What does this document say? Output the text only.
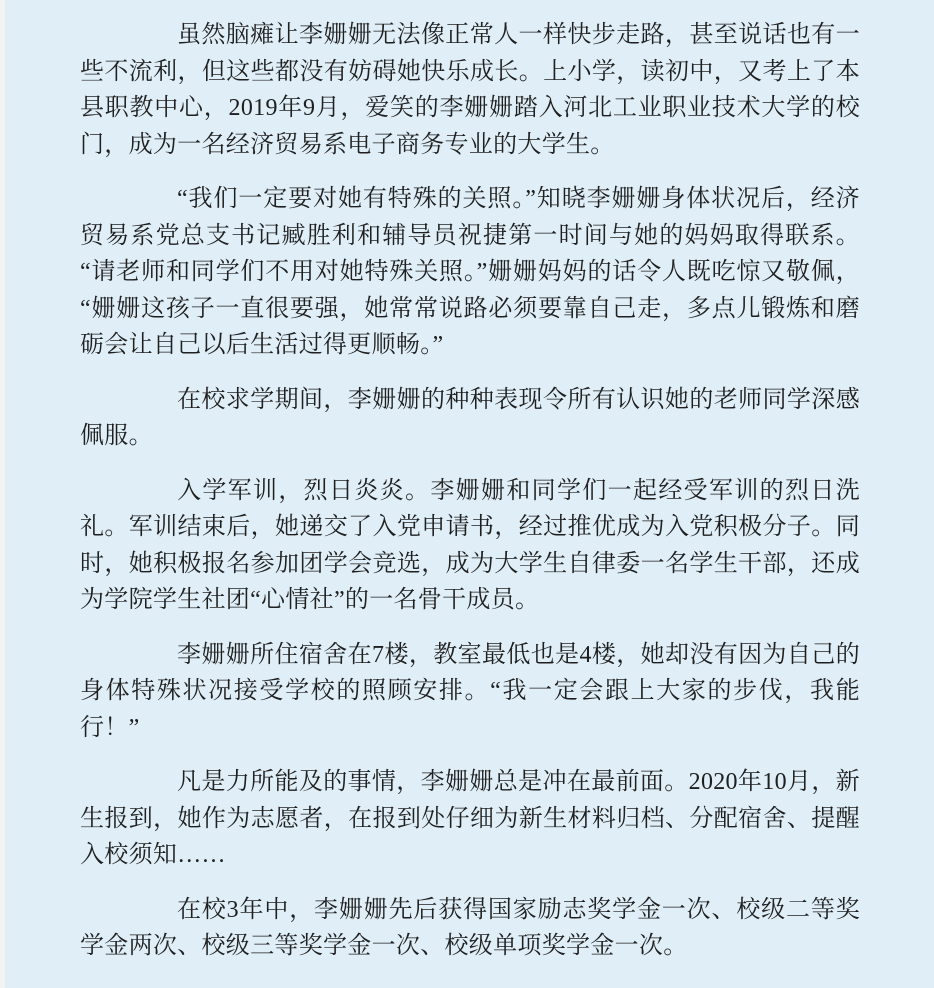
虽然脑瘫让李姗姗无法像正常人一样快步走路，甚至说话也有一些不流利，但这些都没有妨碍她快乐成长。上小学，读初中，又考上了本县职教中心，2019年9月，爱笑的李姗姗踏入河北工业职业技术大学的校门，成为一名经济贸易系电子商务专业的大学生。

“我们一定要对她有特殊的关照。”知晓李姗姗身体状况后，经济贸易系党总支书记臧胜利和辅导员祝捷第一时间与她的妈妈取得联系。“请老师和同学们不用对她特殊关照。”姗姗妈妈的话令人既吃惊又敬佩，“姗姗这孩子一直很要强，她常常说路必须要靠自己走，多点儿锻炼和磨砺会让自己以后生活过得更顺畅。”

在校求学期间，李姗姗的种种表现令所有认识她的老师同学深感佩服。

入学军训，烈日炎炎。李姗姗和同学们一起经受军训的烈日洗礼。军训结束后，她递交了入党申请书，经过推优成为入党积极分子。同时，她积极报名参加团学会竞选，成为大学生自律委一名学生干部，还成为学院学生社团“心情社”的一名骨干成员。

李姗姗所住宿舍在7楼，教室最低也是4楼，她却没有因为自己的身体特殊状况接受学校的照顾安排。“我一定会跟上大家的步伐，我能行！”

凡是力所能及的事情，李姗姗总是冲在最前面。2020年10月，新生报到，她作为志愿者，在报到处仔细为新生材料归档、分配宿舍、提醒入校须知……

在校3年中，李姗姗先后获得国家励志奖学金一次、校级二等奖学金两次、校级三等奖学金一次、校级单项奖学金一次。
